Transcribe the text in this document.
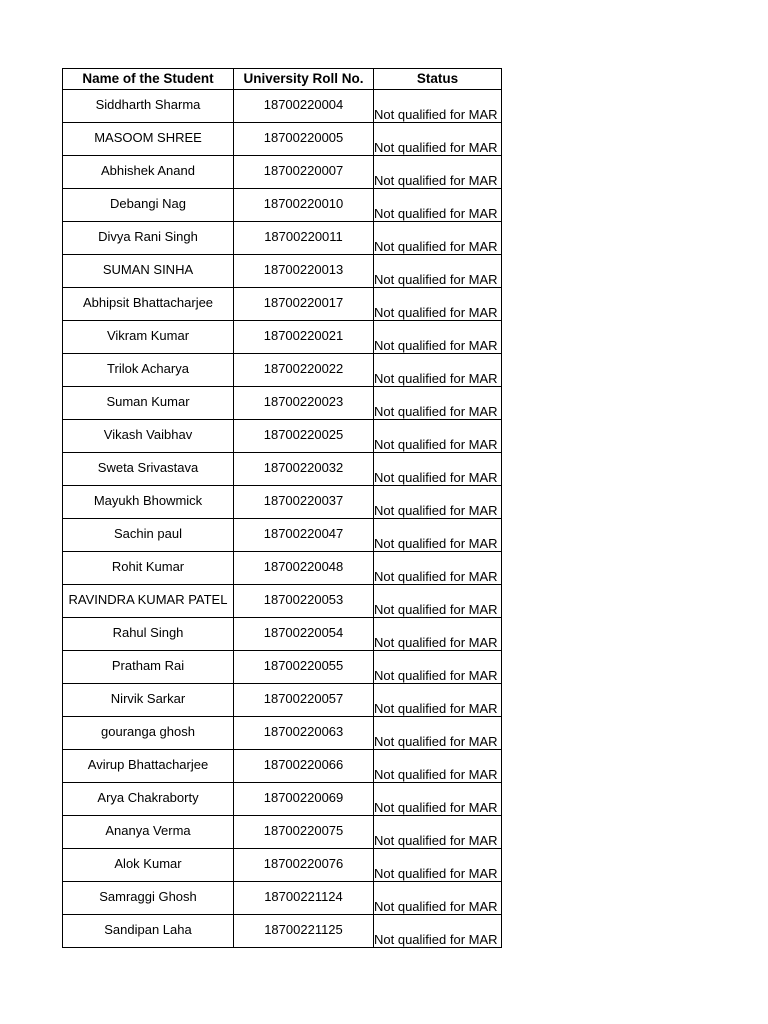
Name of the Student	University Roll No.	Status
Siddharth Sharma	18700220004	Not qualified for MAR
MASOOM SHREE	18700220005	Not qualified for MAR
Abhishek Anand	18700220007	Not qualified for MAR
Debangi Nag	18700220010	Not qualified for MAR
Divya Rani Singh	18700220011	Not qualified for MAR
SUMAN SINHA	18700220013	Not qualified for MAR
Abhipsit Bhattacharjee	18700220017	Not qualified for MAR
Vikram Kumar	18700220021	Not qualified for MAR
Trilok Acharya	18700220022	Not qualified for MAR
Suman Kumar	18700220023	Not qualified for MAR
Vikash Vaibhav	18700220025	Not qualified for MAR
Sweta Srivastava	18700220032	Not qualified for MAR
Mayukh Bhowmick	18700220037	Not qualified for MAR
Sachin paul	18700220047	Not qualified for MAR
Rohit Kumar	18700220048	Not qualified for MAR
RAVINDRA KUMAR PATEL	18700220053	Not qualified for MAR
Rahul Singh	18700220054	Not qualified for MAR
Pratham Rai	18700220055	Not qualified for MAR
Nirvik Sarkar	18700220057	Not qualified for MAR
gouranga ghosh	18700220063	Not qualified for MAR
Avirup Bhattacharjee	18700220066	Not qualified for MAR
Arya Chakraborty	18700220069	Not qualified for MAR
Ananya Verma	18700220075	Not qualified for MAR
Alok Kumar	18700220076	Not qualified for MAR
Samraggi Ghosh	18700221124	Not qualified for MAR
Sandipan Laha	18700221125	Not qualified for MAR
